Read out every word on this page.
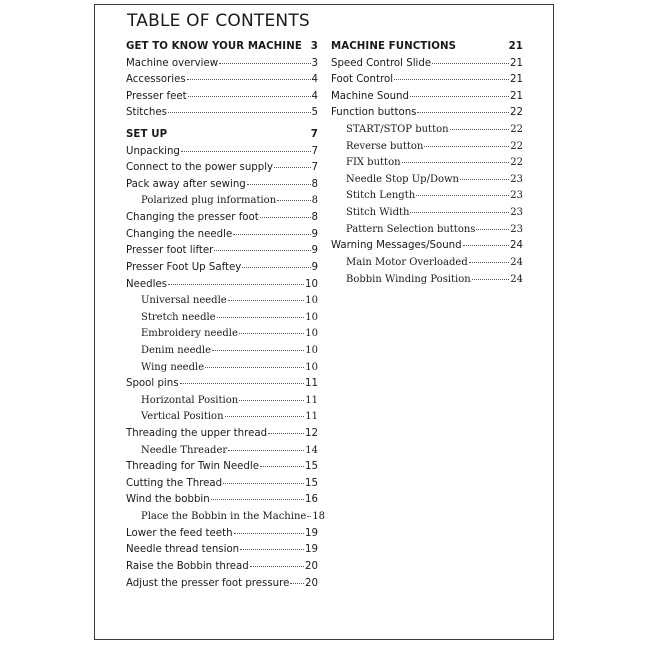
TABLE OF CONTENTS
GET TO KNOW YOUR MACHINE 3
Machine overview	3
Accessories	4
Presser feet	4
Stitches	5
SET UP	7
Unpacking	7
Connect to the power supply	7
Pack away after sewing	8
Polarized plug information	8
Changing the presser foot	8
Changing the needle	9
Presser foot lifter	9
Presser Foot Up Saftey	9
Needles	10
Universal needle	10
Stretch needle	10
Embroidery needle	10
Denim needle	10
Wing needle	10
Spool pins	11
Horizontal Position	11
Vertical Position	11
Threading the upper thread	12
Needle Threader	14
Threading for Twin Needle	15
Cutting the Thread	15
Wind the bobbin	16
Place the Bobbin in the Machine 18
Lower the feed teeth	19
Needle thread tension	19
Raise the Bobbin thread	20
Adjust the presser foot pressure 20
MACHINE FUNCTIONS	21
Speed Control Slide	21
Foot Control	21
Machine Sound	21
Function buttons	22
START/STOP button	22
Reverse button	22
FIX button	22
Needle Stop Up/Down	23
Stitch Length	23
Stitch Width	23
Pattern Selection buttons	23
Warning Messages/Sound	24
Main Motor Overloaded	24
Bobbin Winding Position	24
